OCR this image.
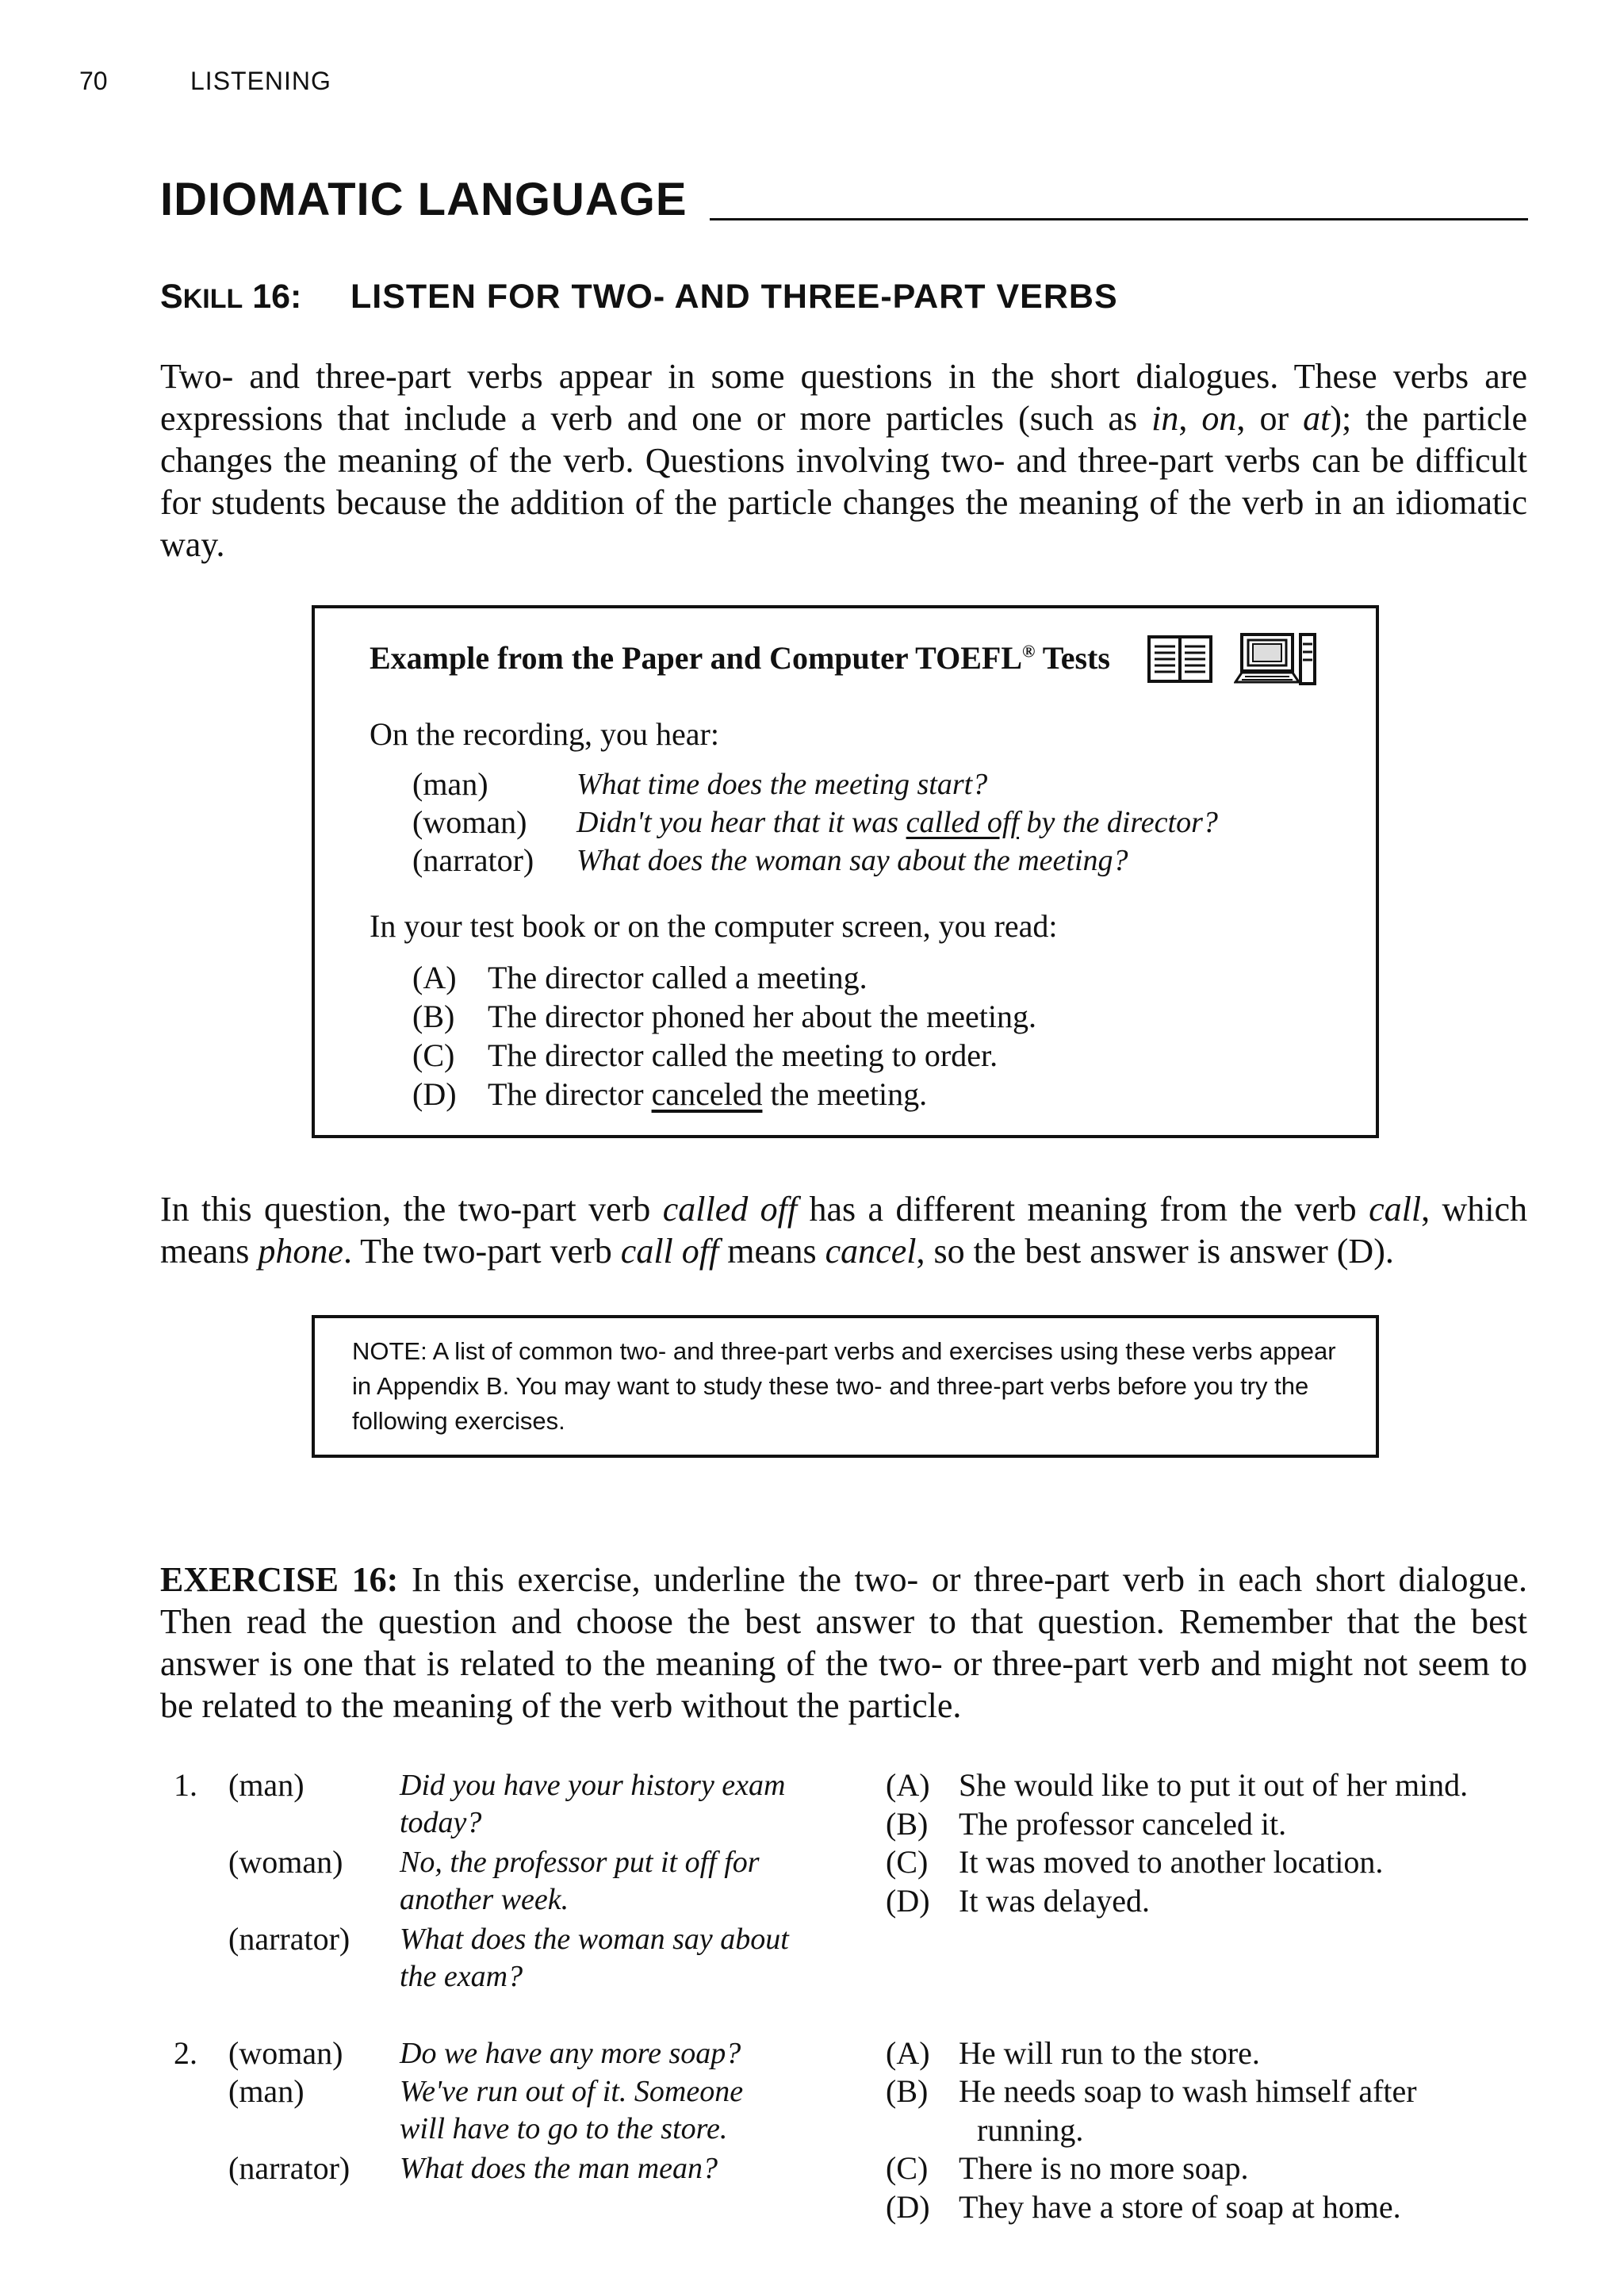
70	LISTENING
IDIOMATIC LANGUAGE
SKILL 16: LISTEN FOR TWO- AND THREE-PART VERBS
Two- and three-part verbs appear in some questions in the short dialogues. These verbs are expressions that include a verb and one or more particles (such as in, on, or at); the particle changes the meaning of the verb. Questions involving two- and three-part verbs can be difficult for students because the addition of the particle changes the meaning of the verb in an idiomatic way.
Example from the Paper and Computer TOEFL® Tests
On the recording, you hear:
(man)	What time does the meeting start?
(woman) Didn't you hear that it was called off by the director?
(narrator) What does the woman say about the meeting?
In your test book or on the computer screen, you read:
(A) The director called a meeting.
(B) The director phoned her about the meeting.
(C) The director called the meeting to order.
(D) The director canceled the meeting.
In this question, the two-part verb called off has a different meaning from the verb call, which means phone. The two-part verb call off means cancel, so the best answer is answer (D).
NOTE: A list of common two- and three-part verbs and exercises using these verbs appear in Appendix B. You may want to study these two- and three-part verbs before you try the following exercises.
EXERCISE 16: In this exercise, underline the two- or three-part verb in each short dialogue. Then read the question and choose the best answer to that question. Remember that the best answer is one that is related to the meaning of the two- or three-part verb and might not seem to be related to the meaning of the verb without the particle.
1. (man)	Did you have your history exam
today?
(woman) No, the professor put it off for
another week.
(narrator) What does the woman say about
the exam?
(A) She would like to put it out of her mind.
(B) The professor canceled it.
(C) It was moved to another location.
(D) It was delayed.
2. (woman) Do we have any more soap?
(man)	We've run out of it. Someone
will have to go to the store.
(narrator) What does the man mean?
(A) He will run to the store.
(B) He needs soap to wash himself after
running.
(C) There is no more soap.
(D) They have a store of soap at home.
